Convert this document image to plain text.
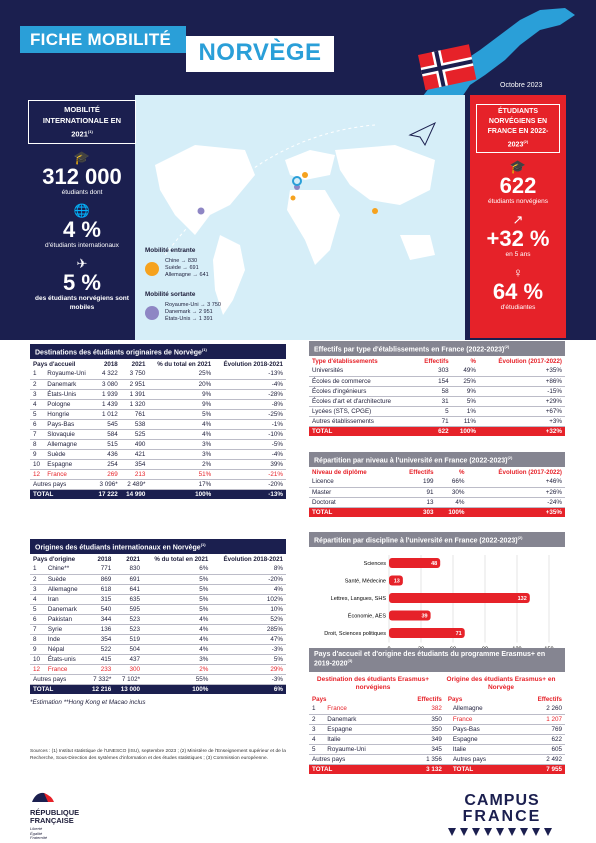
FICHE MOBILITÉ	NORVÈGE
Octobre 2023
Mobilité entrante
Chine → 830
Suède → 691
Allemagne → 641
Mobilité sortante
Royaume-Uni → 3 750
Danemark → 2 951
États-Unis → 1 391
MOBILITÉ INTERNATIONALE EN 2021$^{(1)}$
🎓
312 000
étudiants dont
🌐
4 %
d'étudiants internationaux
✈
5 %
des étudiants norvégiens sont mobiles
ÉTUDIANTS NORVÉGIENS EN FRANCE EN 2022-2023$^{(2)}$
🎓
622
étudiants norvégiens
↗
+32 %
en 5 ans
♀
64 %
d'étudiantes
Destinations des étudiants originaires de Norvège$^{(1)}$
Pays d'accueil		2018	2021	% du total en 2021	Évolution 2018-2021
1	Royaume-Uni	4 322	3 750	25%	-13%
2	Danemark	3 080	2 951	20%	-4%
3	États-Unis	1 939	1 391	9%	-28%
4	Pologne	1 439	1 320	9%	-8%
5	Hongrie	1 012	761	5%	-25%
6	Pays-Bas	545	538	4%	-1%
7	Slovaquie	584	525	4%	-10%
8	Allemagne	515	490	3%	-5%
9	Suède	436	421	3%	-4%
10	Espagne	254	354	2%	39%
12	France	269	213	51%	-21%
Autres pays		3 096*	2 489*	17%	-20%
TOTAL		17 222	14 990	100%	-13%
Origines des étudiants internationaux en Norvège$^{(1)}$
Pays d'origine		2018	2021	% du total en 2021	Évolution 2018-2021
1	Chine**	771	830	6%	8%
2	Suède	869	691	5%	-20%
3	Allemagne	618	641	5%	4%
4	Iran	315	635	5%	102%
5	Danemark	540	595	5%	10%
6	Pakistan	344	523	4%	52%
7	Syrie	136	523	4%	285%
8	Inde	354	519	4%	47%
9	Népal	522	504	4%	-3%
10	États-unis	415	437	3%	5%
12	France	233	300	2%	29%
Autres pays		7 332*	7 102*	55%	-3%
TOTAL		12 216	13 000	100%	6%
*Estimation **Hong Kong et Macao inclus
Sources : (1) Institut statistique de l'UNESCO (ISU), septembre 2023 ; (2) Ministère de l'Enseignement supérieur et de la Recherche, Sous-Direction des systèmes d'information et des études statistiques ; (3) Commission européenne.
Effectifs par type d'établissements en France (2022-2023)$^{(2)}$
Type d'établissements	Effectifs	%	Évolution (2017-2022)
Universités	303	49%	+35%
Écoles de commerce	154	25%	+86%
Écoles d'ingénieurs	58	9%	-15%
Écoles d'art et d'architecture	31	5%	+29%
Lycées (STS, CPGE)	5	1%	+67%
Autres établissements	71	11%	+3%
TOTAL	622	100%	+32%
Répartition par niveau à l'université en France (2022-2023)$^{(2)}$
Niveau de diplôme	Effectifs	%	Évolution (2017-2022)
Licence	199	66%	+46%
Master	91	30%	+26%
Doctorat	13	4%	-24%
TOTAL	303	100%	+35%
Répartition par discipline à l'université en France (2022-2023)$^{(2)}$
Sciences	48
Santé, Médecine 13
Lettres, Langues, SHS	132
Économie, AES	39
Droit, Sciences politiques	71
Pays d'accueil et d'origine des étudiants du programme Erasmus+ en 2019-2020$^{(3)}$
Destination des étudiants Erasmus+ norvégiens
Origine des étudiants Erasmus+ en Norvège
Pays		Effectifs	Pays	Effectifs
1	France	382	Allemagne	2 260
2	Danemark	350	France	1 207
3	Espagne	350	Pays-Bas	769
4	Italie	349	Espagne	622
5	Royaume-Uni	345	Italie	605
Autres pays		1 356	Autres pays	2 492
TOTAL		3 132	TOTAL	7 955
RÉPUBLIQUE
FRANÇAISE
Liberté
Égalité
Fraternité
CAMPUS
FRANCE
